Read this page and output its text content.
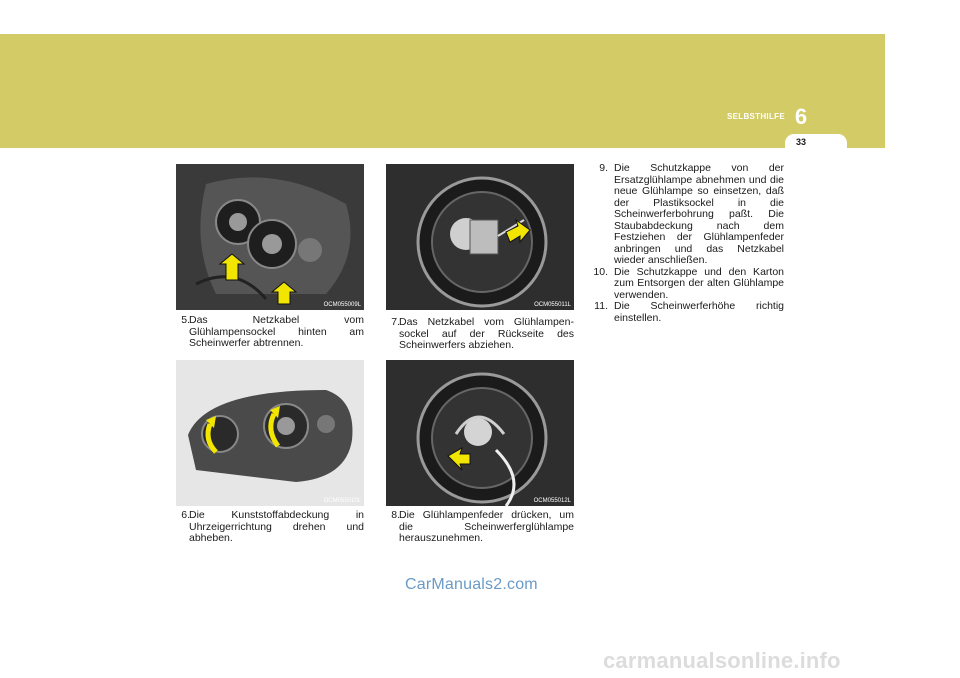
SELBSTHILFE 6
33
OCM055009L
OCM055010L
OCM055011L
OCM055012L
5. Das Netzkabel vom Glühlampensockel hinten am Scheinwerfer abtrennen.
6. Die Kunststoffabdeckung in Uhrzeigerrichtung drehen und abheben.
7. Das Netzkabel vom Glühlampen-sockel auf der Rückseite des Scheinwerfers abziehen.
8. Die Glühlampenfeder drücken, um die Scheinwerferglühlampe herauszunehmen.
9. Die Schutzkappe von der Ersatzglühlampe abnehmen und die neue Glühlampe so einsetzen, daß der Plastiksockel in die Scheinwerferbohrung paßt. Die Staubabdeckung nach dem Festziehen der Glühlampenfeder anbringen und das Netzkabel wieder anschließen.
10. Die Schutzkappe und den Karton zum Entsorgen der alten Glühlampe verwenden.
11. Die Scheinwerferhöhe richtig einstellen.
CarManuals2.com
carmanualsonline.info
